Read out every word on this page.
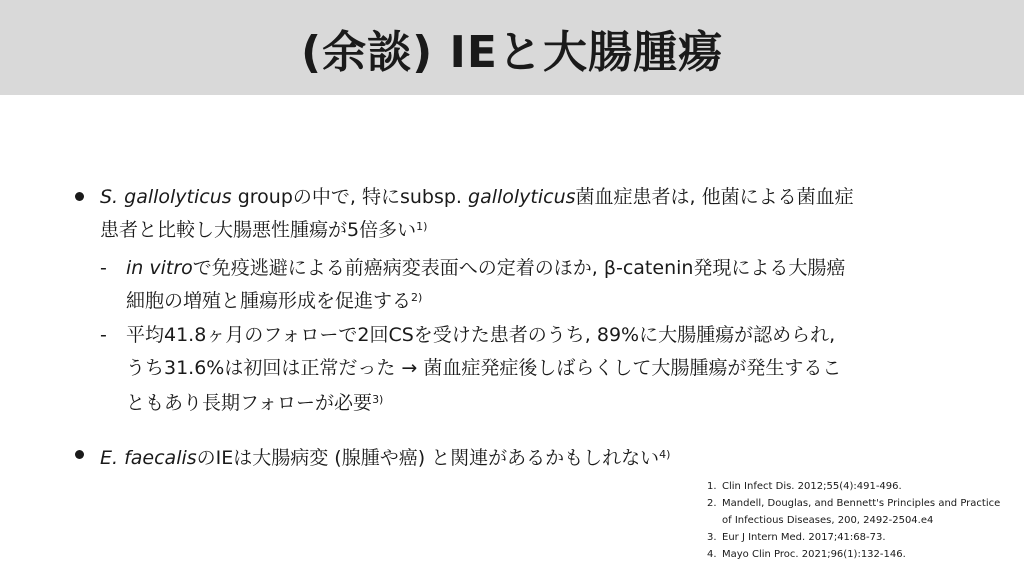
(余談) IEと大腸腫瘍
S. gallolyticus groupの中で, 特にsubsp. gallolyticus菌血症患者は, 他菌による菌血症
患者と比較し大腸悪性腫瘍が5倍多い$^{1)}$
- in vitroで免疫逃避による前癌病変表面への定着のほか, β-catenin発現による大腸癌
細胞の増殖と腫瘍形成を促進する$^{2)}$
- 平均41.8ヶ月のフォローで2回CSを受けた患者のうち, 89%に大腸腫瘍が認められ,
うち31.6%は初回は正常だった → 菌血症発症後しばらくして大腸腫瘍が発生するこ
ともあり長期フォローが必要$^{3)}$
E. faecalisのIEは大腸病変 (腺腫や癌) と関連があるかもしれない$^{4)}$
1. Clin Infect Dis. 2012;55(4):491-496.
2. Mandell, Douglas, and Bennett's Principles and Practice
of Infectious Diseases, 200, 2492-2504.e4
3. Eur J Intern Med. 2017;41:68-73.
4. Mayo Clin Proc. 2021;96(1):132-146.
